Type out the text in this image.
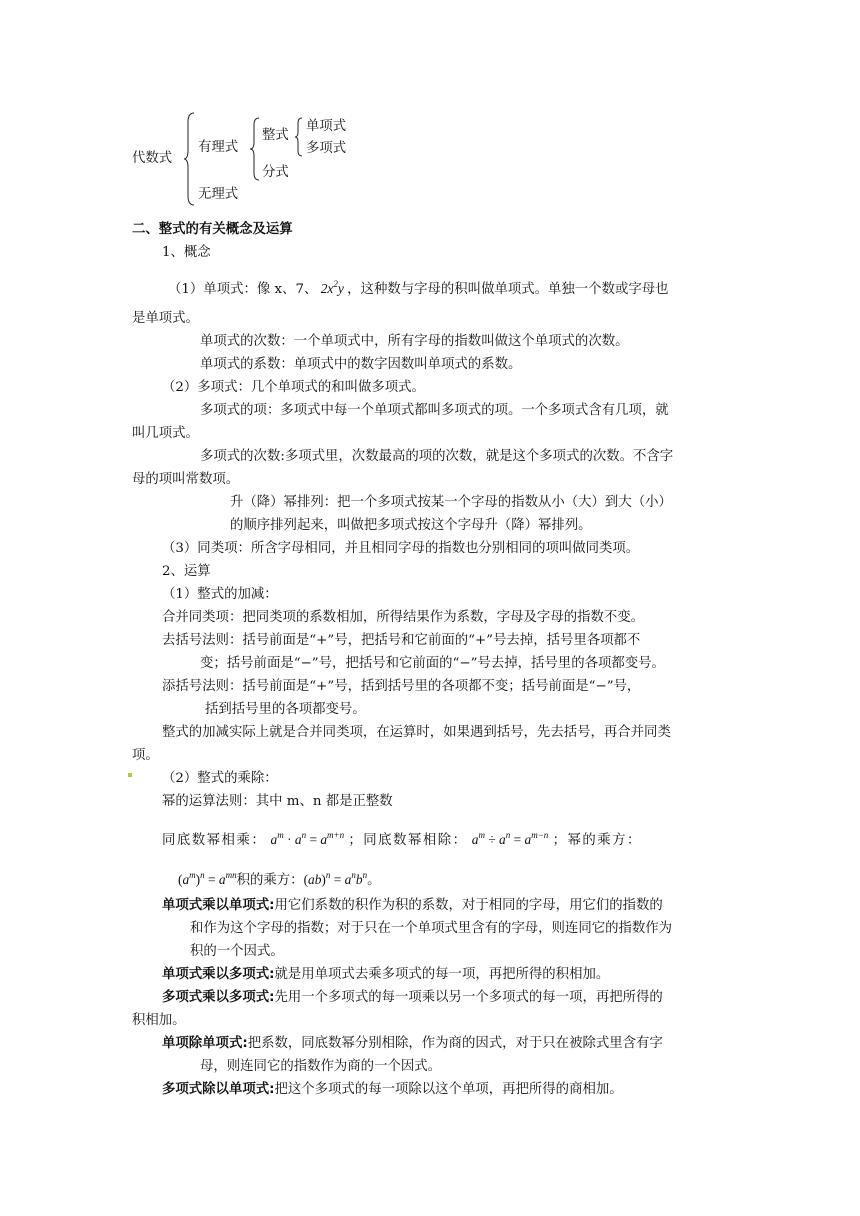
代数式
有理式
整式
单项式
多项式
分式
无理式
二、整式的有关概念及运算
1、概念
（1）单项式：像 x、7、 $2x^2y$ ，这种数与字母的积叫做单项式。单独一个数或字母也
是单项式。
单项式的次数：一个单项式中，所有字母的指数叫做这个单项式的次数。
单项式的系数：单项式中的数字因数叫单项式的系数。
（2）多项式：几个单项式的和叫做多项式。
多项式的项：多项式中每一个单项式都叫多项式的项。一个多项式含有几项，就
叫几项式。
多项式的次数:多项式里，次数最高的项的次数，就是这个多项式的次数。不含字
母的项叫常数项。
升（降）幂排列：把一个多项式按某一个字母的指数从小（大）到大（小）
的顺序排列起来，叫做把多项式按这个字母升（降）幂排列。
（3）同类项：所含字母相同，并且相同字母的指数也分别相同的项叫做同类项。
2、运算
（1）整式的加减：
合并同类项：把同类项的系数相加，所得结果作为系数，字母及字母的指数不变。
去括号法则：括号前面是“+”号，把括号和它前面的“+”号去掉，括号里各项都不
变；括号前面是“−”号，把括号和它前面的“−”号去掉，括号里的各项都变号。
添括号法则：括号前面是“+”号，括到括号里的各项都不变；括号前面是“−”号，
括到括号里的各项都变号。
整式的加减实际上就是合并同类项，在运算时，如果遇到括号，先去括号，再合并同类
项。
（2）整式的乘除：
幂的运算法则：其中 m、n 都是正整数
同底数幂相乘： $a^m \cdot a^n = a^{m+n}$ ；同底数幂相除： $a^m \div a^n = a^{m-n}$ ；幂的乘方：
$(a^m)^n = a^{mn}$积的乘方：$(ab)^n = a^nb^n$。
单项式乘以单项式:用它们系数的积作为积的系数，对于相同的字母，用它们的指数的
和作为这个字母的指数；对于只在一个单项式里含有的字母，则连同它的指数作为
积的一个因式。
单项式乘以多项式:就是用单项式去乘多项式的每一项，再把所得的积相加。
多项式乘以多项式:先用一个多项式的每一项乘以另一个多项式的每一项，再把所得的
积相加。
单项除单项式:把系数，同底数幂分别相除，作为商的因式，对于只在被除式里含有字
母，则连同它的指数作为商的一个因式。
多项式除以单项式:把这个多项式的每一项除以这个单项，再把所得的商相加。
